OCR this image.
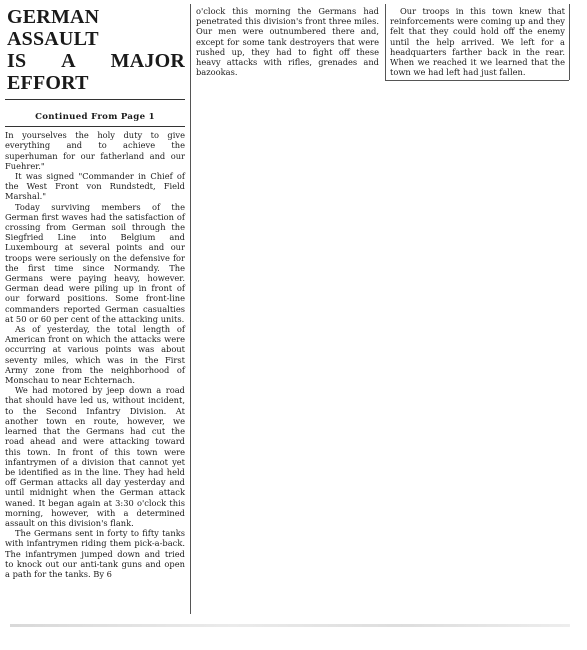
GERMAN ASSAULT
IS A MAJOR EFFORT
Continued From Page 1

In yourselves the holy duty to give everything and to achieve the superhuman for our fatherland and our Fuehrer."

It was signed "Commander in Chief of the West Front von Rundstedt, Field Marshal."

Today surviving members of the German first waves had the satisfaction of crossing from German soil through the Siegfried Line into Belgium and Luxembourg at several points and our troops were seriously on the defensive for the first time since Normandy. The Germans were paying heavy, however. German dead were piling up in front of our forward positions. Some front-line commanders reported German casualties at 50 or 60 per cent of the attacking units.

As of yesterday, the total length of American front on which the attacks were occurring at various points was about seventy miles, which was in the First Army zone from the neighborhood of Monschau to near Echternach.

We had motored by jeep down a road that should have led us, without incident, to the Second Infantry Division. At another town en route, however, we learned that the Germans had cut the road ahead and were attacking toward this town. In front of this town were infantrymen of a division that cannot yet be identified as in the line. They had held off German attacks all day yesterday and until midnight when the German attack waned. It began again at 3:30 o'clock this morning, however, with a determined assault on this division's flank.

The Germans sent in forty to fifty tanks with infantrymen riding them pick-a-back. The infantrymen jumped down and tried to knock out our anti-tank guns and open a path for the tanks. By 6

o'clock this morning the Germans had penetrated this division's front three miles. Our men were outnumbered there and, except for some tank destroyers that were rushed up, they had to fight off these heavy attacks with rifles, grenades and bazookas.

Our troops in this town knew that reinforcements were coming up and they felt that they could hold off the enemy until the help arrived. We left for a headquarters farther back in the rear. When we reached it we learned that the town we had left had just fallen.
